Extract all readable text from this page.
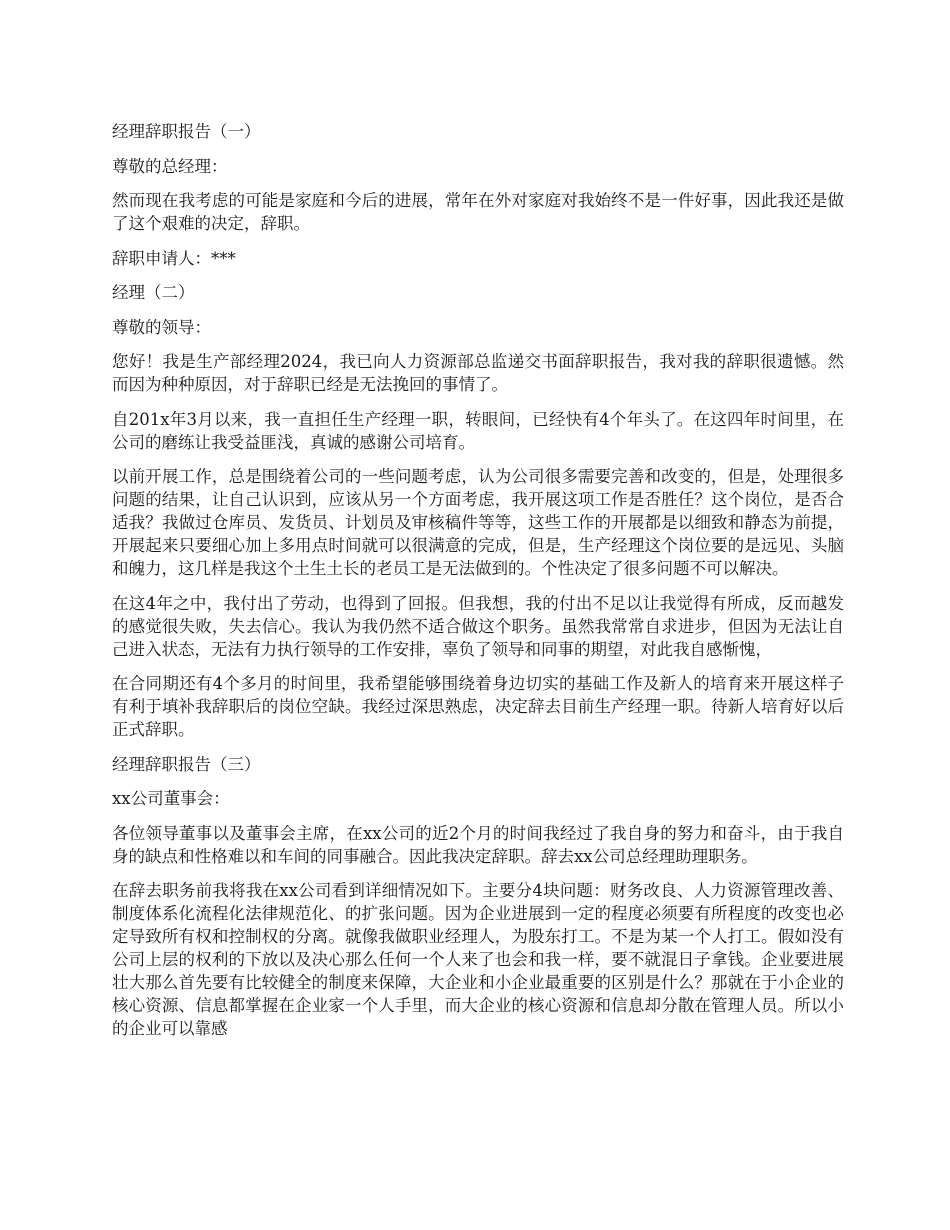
经理辞职报告（一）

尊敬的总经理：

然而现在我考虑的可能是家庭和今后的进展，常年在外对家庭对我始终不是一件好事，因此我还是做了这个艰难的决定，辞职。

辞职申请人：***

经理（二）

尊敬的领导：

您好！我是生产部经理2024，我已向人力资源部总监递交书面辞职报告，我对我的辞职很遗憾。然而因为种种原因，对于辞职已经是无法挽回的事情了。

自201x年3月以来，我一直担任生产经理一职，转眼间，已经快有4个年头了。在这四年时间里，在公司的磨练让我受益匪浅，真诚的感谢公司培育。

以前开展工作，总是围绕着公司的一些问题考虑，认为公司很多需要完善和改变的，但是，处理很多问题的结果，让自己认识到，应该从另一个方面考虑，我开展这项工作是否胜任？这个岗位，是否合适我？我做过仓库员、发货员、计划员及审核稿件等等，这些工作的开展都是以细致和静态为前提，开展起来只要细心加上多用点时间就可以很满意的完成，但是，生产经理这个岗位要的是远见、头脑和魄力，这几样是我这个土生土长的老员工是无法做到的。个性决定了很多问题不可以解决。

在这4年之中，我付出了劳动，也得到了回报。但我想，我的付出不足以让我觉得有所成，反而越发的感觉很失败，失去信心。我认为我仍然不适合做这个职务。虽然我常常自求进步，但因为无法让自己进入状态，无法有力执行领导的工作安排，辜负了领导和同事的期望，对此我自感惭愧，

在合同期还有4个多月的时间里，我希望能够围绕着身边切实的基础工作及新人的培育来开展这样子有利于填补我辞职后的岗位空缺。我经过深思熟虑，决定辞去目前生产经理一职。待新人培育好以后正式辞职。

经理辞职报告（三）

xx公司董事会：

各位领导董事以及董事会主席，在xx公司的近2个月的时间我经过了我自身的努力和奋斗，由于我自身的缺点和性格难以和车间的同事融合。因此我决定辞职。辞去xx公司总经理助理职务。

在辞去职务前我将我在xx公司看到详细情况如下。主要分4块问题：财务改良、人力资源管理改善、制度体系化流程化法律规范化、的扩张问题。因为企业进展到一定的程度必须要有所程度的改变也必定导致所有权和控制权的分离。就像我做职业经理人，为股东打工。不是为某一个人打工。假如没有公司上层的权利的下放以及决心那么任何一个人来了也会和我一样，要不就混日子拿钱。企业要进展壮大那么首先要有比较健全的制度来保障，大企业和小企业最重要的区别是什么？那就在于小企业的核心资源、信息都掌握在企业家一个人手里，而大企业的核心资源和信息却分散在管理人员。所以小的企业可以靠感
